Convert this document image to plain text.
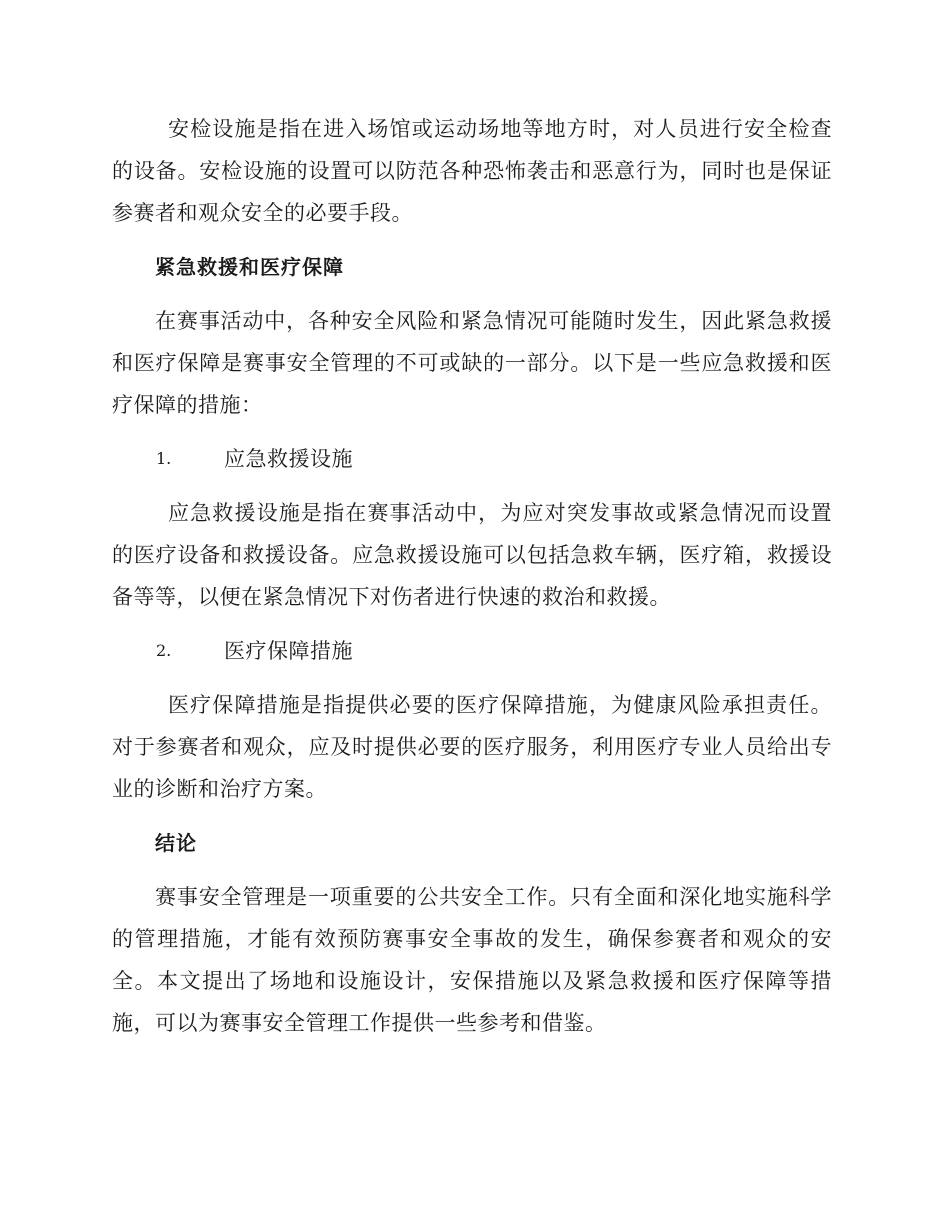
安检设施是指在进入场馆或运动场地等地方时，对人员进行安全检查的设备。安检设施的设置可以防范各种恐怖袭击和恶意行为，同时也是保证参赛者和观众安全的必要手段。

紧急救援和医疗保障

在赛事活动中，各种安全风险和紧急情况可能随时发生，因此紧急救援和医疗保障是赛事安全管理的不可或缺的一部分。以下是一些应急救援和医疗保障的措施：

1.	应急救援设施

应急救援设施是指在赛事活动中，为应对突发事故或紧急情况而设置的医疗设备和救援设备。应急救援设施可以包括急救车辆，医疗箱，救援设备等等，以便在紧急情况下对伤者进行快速的救治和救援。

2.	医疗保障措施

医疗保障措施是指提供必要的医疗保障措施，为健康风险承担责任。对于参赛者和观众，应及时提供必要的医疗服务，利用医疗专业人员给出专业的诊断和治疗方案。

结论

赛事安全管理是一项重要的公共安全工作。只有全面和深化地实施科学的管理措施，才能有效预防赛事安全事故的发生，确保参赛者和观众的安全。本文提出了场地和设施设计，安保措施以及紧急救援和医疗保障等措施，可以为赛事安全管理工作提供一些参考和借鉴。
